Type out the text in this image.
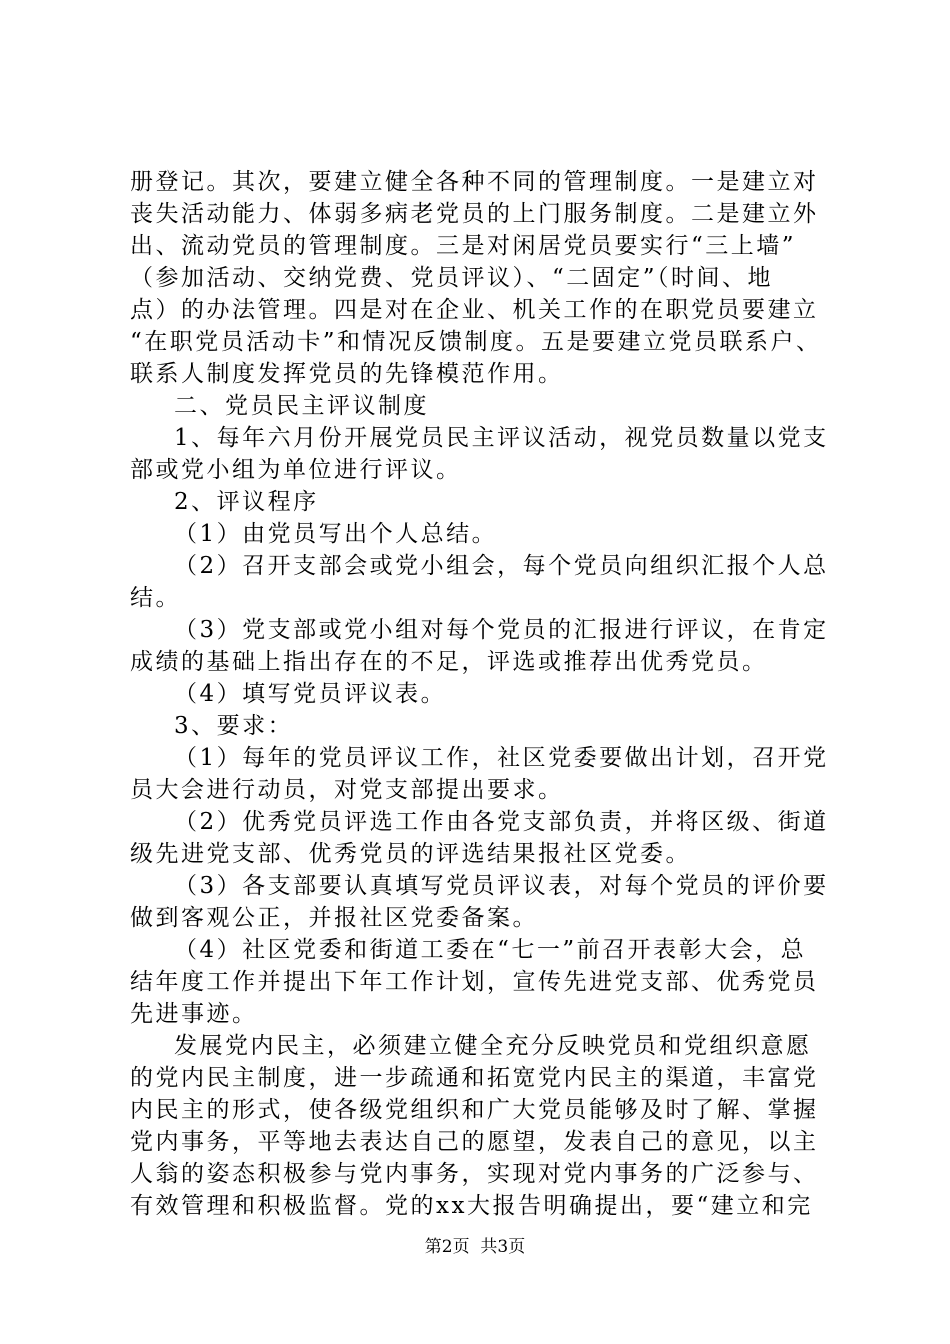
册登记。其次，要建立健全各种不同的管理制度。一是建立对
丧失活动能力、体弱多病老党员的上门服务制度。二是建立外
出、流动党员的管理制度。三是对闲居党员要实行“三上墙”
（参加活动、交纳党费、党员评议）、“二固定”（时间、地
点）的办法管理。四是对在企业、机关工作的在职党员要建立
“在职党员活动卡”和情况反馈制度。五是要建立党员联系户、
联系人制度发挥党员的先锋模范作用。
二、党员民主评议制度
1、每年六月份开展党员民主评议活动，视党员数量以党支
部或党小组为单位进行评议。
2、评议程序
（1）由党员写出个人总结。
（2）召开支部会或党小组会，每个党员向组织汇报个人总
结。
（3）党支部或党小组对每个党员的汇报进行评议，在肯定
成绩的基础上指出存在的不足，评选或推荐出优秀党员。
（4）填写党员评议表。
3、要求：
（1）每年的党员评议工作，社区党委要做出计划，召开党
员大会进行动员，对党支部提出要求。
（2）优秀党员评选工作由各党支部负责，并将区级、街道
级先进党支部、优秀党员的评选结果报社区党委。
（3）各支部要认真填写党员评议表，对每个党员的评价要
做到客观公正，并报社区党委备案。
（4）社区党委和街道工委在“七一”前召开表彰大会，总
结年度工作并提出下年工作计划，宣传先进党支部、优秀党员
先进事迹。
发展党内民主，必须建立健全充分反映党员和党组织意愿
的党内民主制度，进一步疏通和拓宽党内民主的渠道，丰富党
内民主的形式，使各级党组织和广大党员能够及时了解、掌握
党内事务，平等地去表达自己的愿望，发表自己的意见，以主
人翁的姿态积极参与党内事务，实现对党内事务的广泛参与、
有效管理和积极监督。党的xx大报告明确提出，要“建立和完
第2页  共3页
